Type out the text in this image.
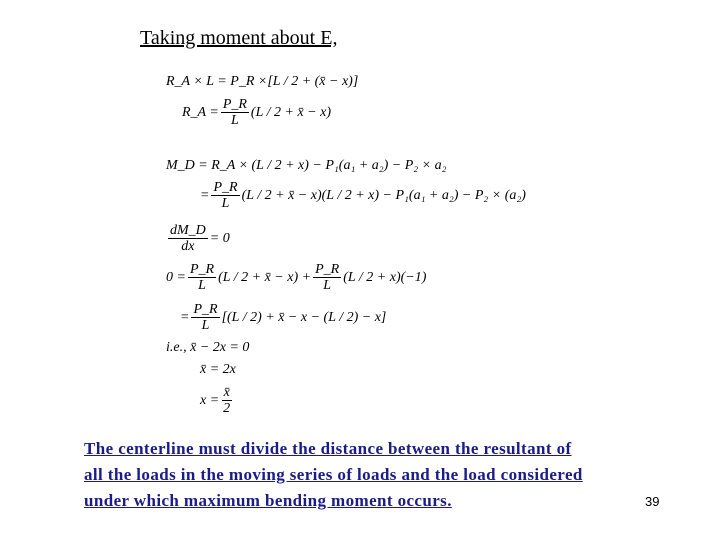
Taking moment about E,
R_A × L = P_R ×[L / 2 + (x̄ − x)]
R_A = $\frac{P\_R}{L} (L / 2$ + x̄ − x)
M_D = R_A × (L / 2 + x) − P₁(a₁ + a₂) − P₂ × a₂
= $\frac{P\_R}{L} (L / 2$ + x̄ − x)(L / 2 + x) − P₁(a₁ + a₂) − P₂ × (a₂)
$\frac{dM\_D}{dx} = 0$
$0 = \frac{P\_R}{L} (L / 2$ + x̄ − $x) + \frac{P\_R}{L} (L / 2 + x)(-1)$
= $\frac{P\_R}{L} [(L / 2)$ + x̄ − x − (L / 2) − x]
i.e., x̄ − 2x = 0
x̄ = 2x
$x = \frac{x̄}{2}$
The centerline must divide the distance between the resultant of
all the loads in the moving series of loads and the load considered
under which maximum bending moment occurs.	39
